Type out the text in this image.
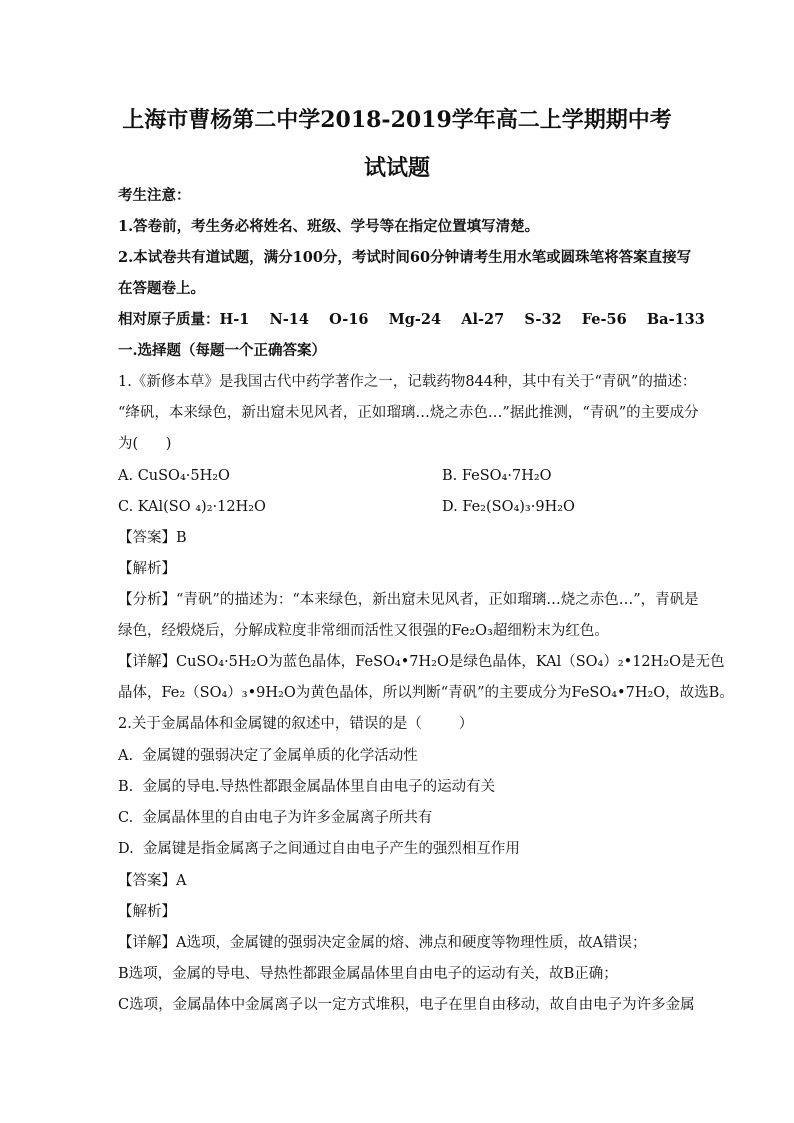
上海市曹杨第二中学2018-2019学年高二上学期期中考试试题
考生注意：
1.答卷前，考生务必将姓名、班级、学号等在指定位置填写清楚。
2.本试卷共有道试题，满分100分，考试时间60分钟请考生用水笔或圆珠笔将答案直接写
在答题卷上。
相对原子质量：H-1    N-14    O-16    Mg-24    Al-27    S-32    Fe-56    Ba-133
一.选择题（每题一个正确答案）
1.《新修本草》是我国古代中药学著作之一，记载药物844种，其中有关于“青矾”的描述：
“绛矾，本来绿色，新出窟未见风者，正如瑠璃…烧之赤色…”据此推测，“青矾”的主要成分
为(      )
A. CuSO₄·5H₂O	B. FeSO₄·7H₂O
C. KAl(SO ₄)₂·12H₂O	D. Fe₂(SO₄)₃·9H₂O
【答案】B
【解析】
【分析】“青矾”的描述为：“本来绿色，新出窟未见风者，正如瑠璃…烧之赤色…”，青矾是
绿色，经煅烧后，分解成粒度非常细而活性又很强的Fe₂O₃超细粉末为红色。
【详解】CuSO₄·5H₂O为蓝色晶体，FeSO₄•7H₂O是绿色晶体，KAl（SO₄）₂•12H₂O是无色
晶体，Fe₂（SO₄）₃•9H₂O为黄色晶体，所以判断“青矾”的主要成分为FeSO₄•7H₂O，故选B。
2.关于金属晶体和金属键的叙述中，错误的是（        ）
A.  金属键的强弱决定了金属单质的化学活动性
B.  金属的导电.导热性都跟金属晶体里自由电子的运动有关
C.  金属晶体里的自由电子为许多金属离子所共有
D.  金属键是指金属离子之间通过自由电子产生的强烈相互作用
【答案】A
【解析】
【详解】A选项，金属键的强弱决定金属的熔、沸点和硬度等物理性质，故A错误；
B选项，金属的导电、导热性都跟金属晶体里自由电子的运动有关，故B正确；
C选项，金属晶体中金属离子以一定方式堆积，电子在里自由移动，故自由电子为许多金属
